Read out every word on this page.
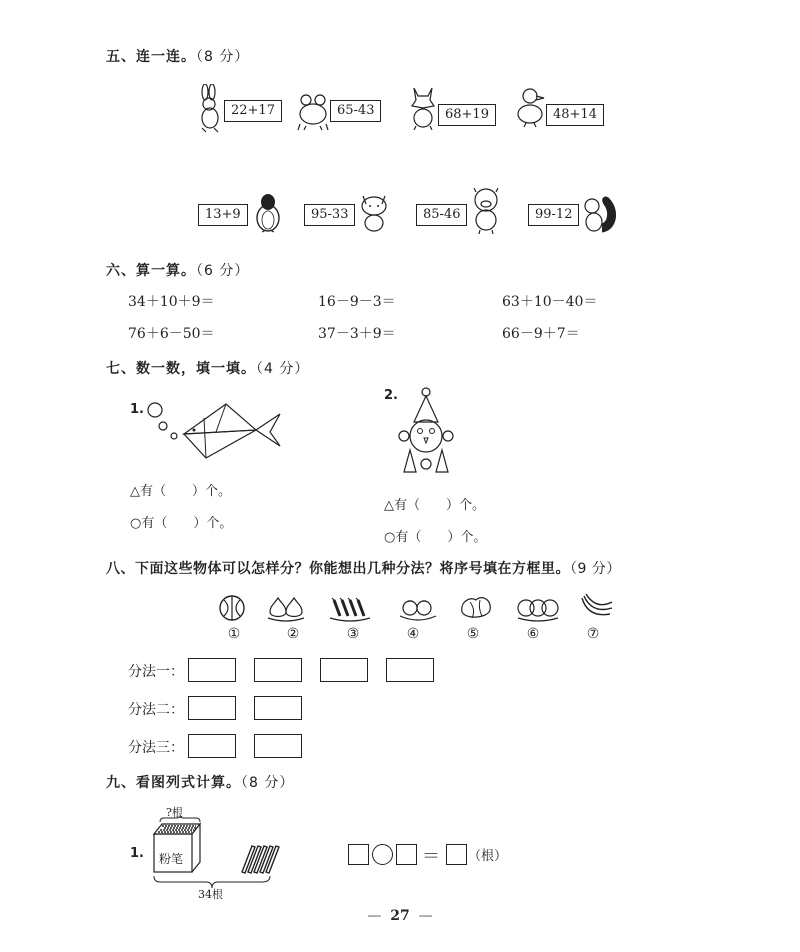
五、连一连。（8 分）
22+17	65-43	68+19	48+14
13+9	95-33	85-46	99-12
六、算一算。（6 分）
34＋10＋9＝	16－9－3＝	63＋10－40＝
76＋6－50＝	37－3＋9＝	66－9＋7＝
七、数一数，填一填。（4 分）
1.
△有（　　）个。
○有（　　）个。
2.
△有（　　）个。
○有（　　）个。
八、下面这些物体可以怎样分？你能想出几种分法？将序号填在方框里。（9 分）
①	②	③	④	⑤	⑥	⑦
分法一：
分法二：
分法三：
九、看图列式计算。（8 分）
1.
?根
粉笔
34根
＝ （根）
—  27  —
